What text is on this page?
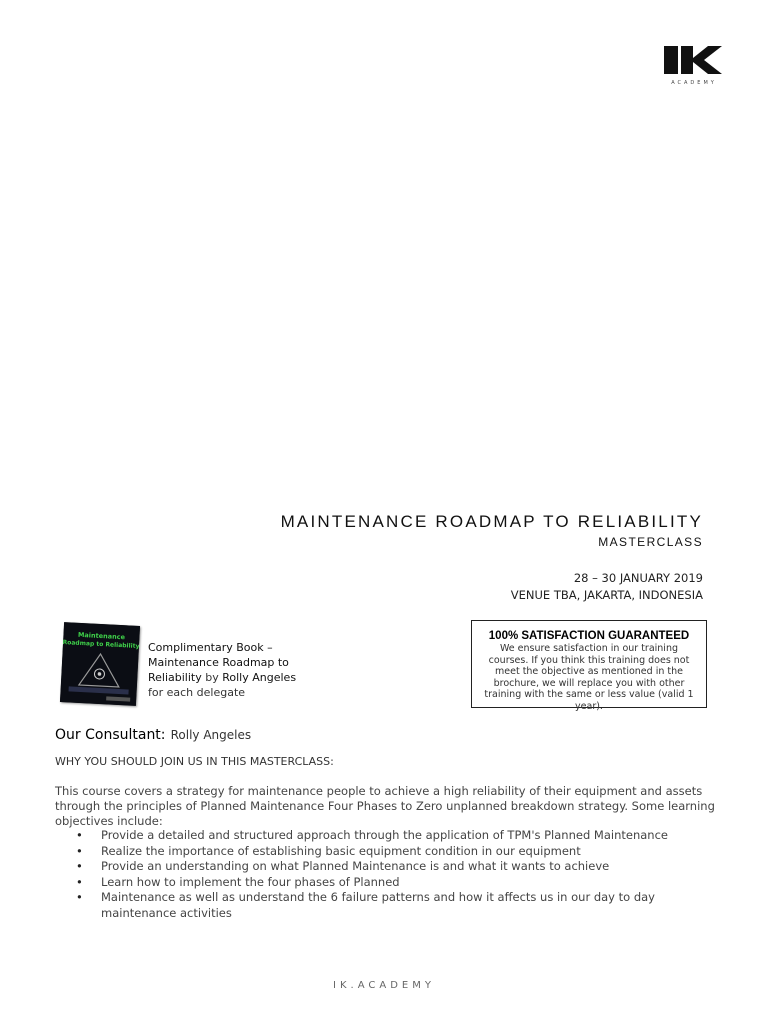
ACADEMY
MAINTENANCE ROADMAP TO RELIABILITY
MASTERCLASS
28 – 30 JANUARY 2019
VENUE TBA, JAKARTA, INDONESIA
Maintenance
Roadmap to Reliability Complimentary Book –
Maintenance Roadmap to
Reliability by Rolly Angeles
for each delegate
100% SATISFACTION GUARANTEED
We ensure satisfaction in our training courses. If you think this training does not meet the objective as mentioned in the brochure, we will replace you with other training with the same or less value (valid 1 year).
Our Consultant: Rolly Angeles
WHY YOU SHOULD JOIN US IN THIS MASTERCLASS:
This course covers a strategy for maintenance people to achieve a high reliability of their equipment and assets through the principles of Planned Maintenance Four Phases to Zero unplanned breakdown strategy. Some learning objectives include:
• Provide a detailed and structured approach through the application of TPM's Planned Maintenance
• Realize the importance of establishing basic equipment condition in our equipment
• Provide an understanding on what Planned Maintenance is and what it wants to achieve
• Learn how to implement the four phases of Planned
• Maintenance as well as understand the 6 failure patterns and how it affects us in our day to day maintenance activities
IK.ACADEMY
